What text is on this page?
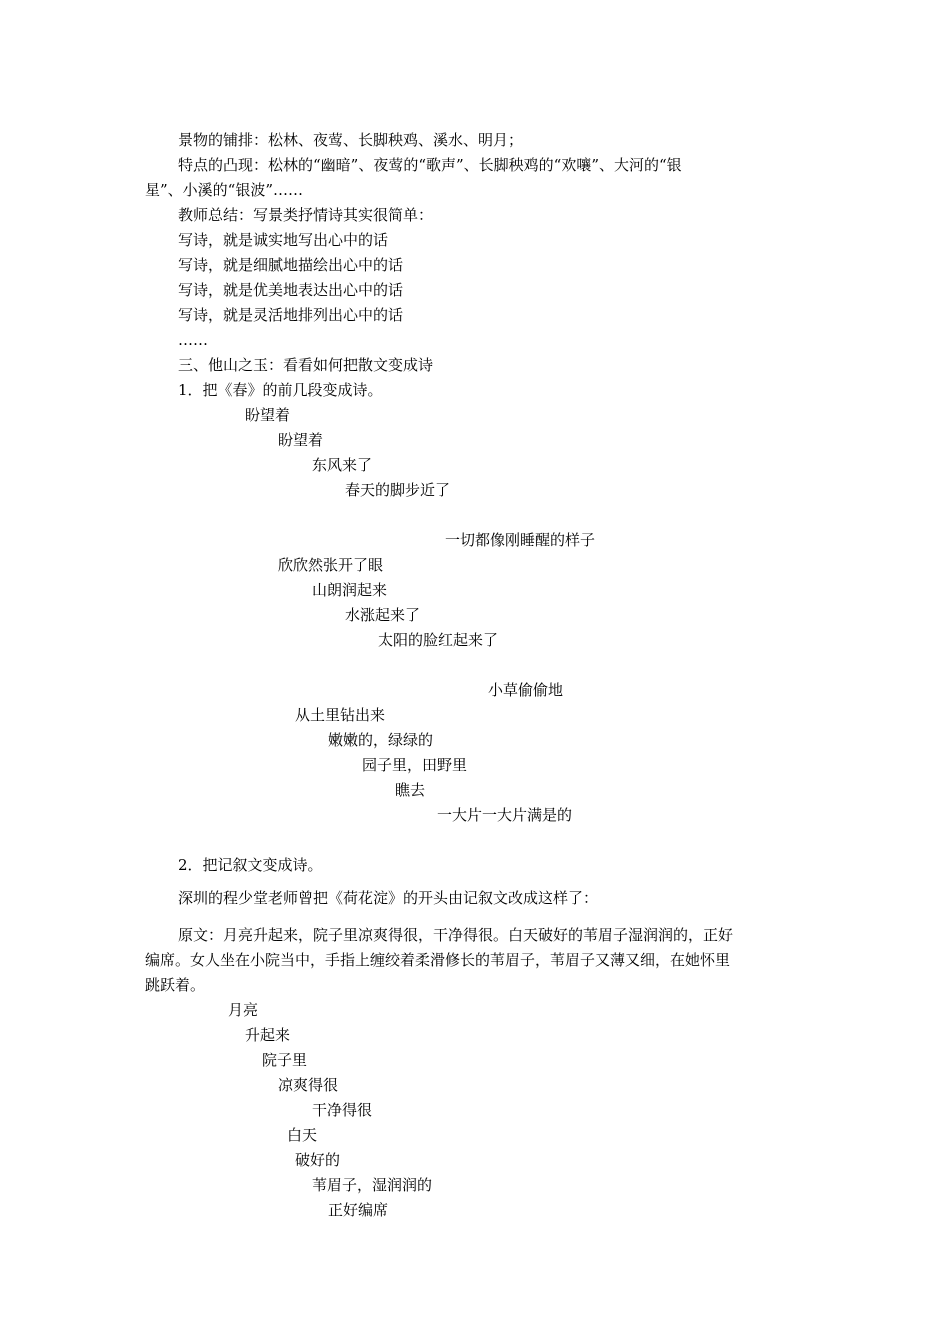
景物的铺排：松林、夜莺、长脚秧鸡、溪水、明月；

特点的凸现：松林的“幽暗”、夜莺的“歌声”、长脚秧鸡的“欢嚷”、大河的“银

星”、小溪的“银波”……

教师总结：写景类抒情诗其实很简单：

写诗，就是诚实地写出心中的话

写诗，就是细腻地描绘出心中的话

写诗，就是优美地表达出心中的话

写诗，就是灵活地排列出心中的话

……

三、他山之玉：看看如何把散文变成诗

1．把《春》的前几段变成诗。

盼望着

盼望着

东风来了

春天的脚步近了

一切都像刚睡醒的样子

欣欣然张开了眼

山朗润起来

水涨起来了

太阳的脸红起来了

小草偷偷地

从土里钻出来

嫩嫩的，绿绿的

园子里，田野里

瞧去

一大片一大片满是的

2．把记叙文变成诗。

深圳的程少堂老师曾把《荷花淀》的开头由记叙文改成这样了：

原文：月亮升起来，院子里凉爽得很，干净得很。白天破好的苇眉子湿润润的，正好

编席。女人坐在小院当中，手指上缠绞着柔滑修长的苇眉子，苇眉子又薄又细，在她怀里

跳跃着。

月亮

升起来

院子里

凉爽得很

干净得很

白天

破好的

苇眉子，湿润润的

正好编席
